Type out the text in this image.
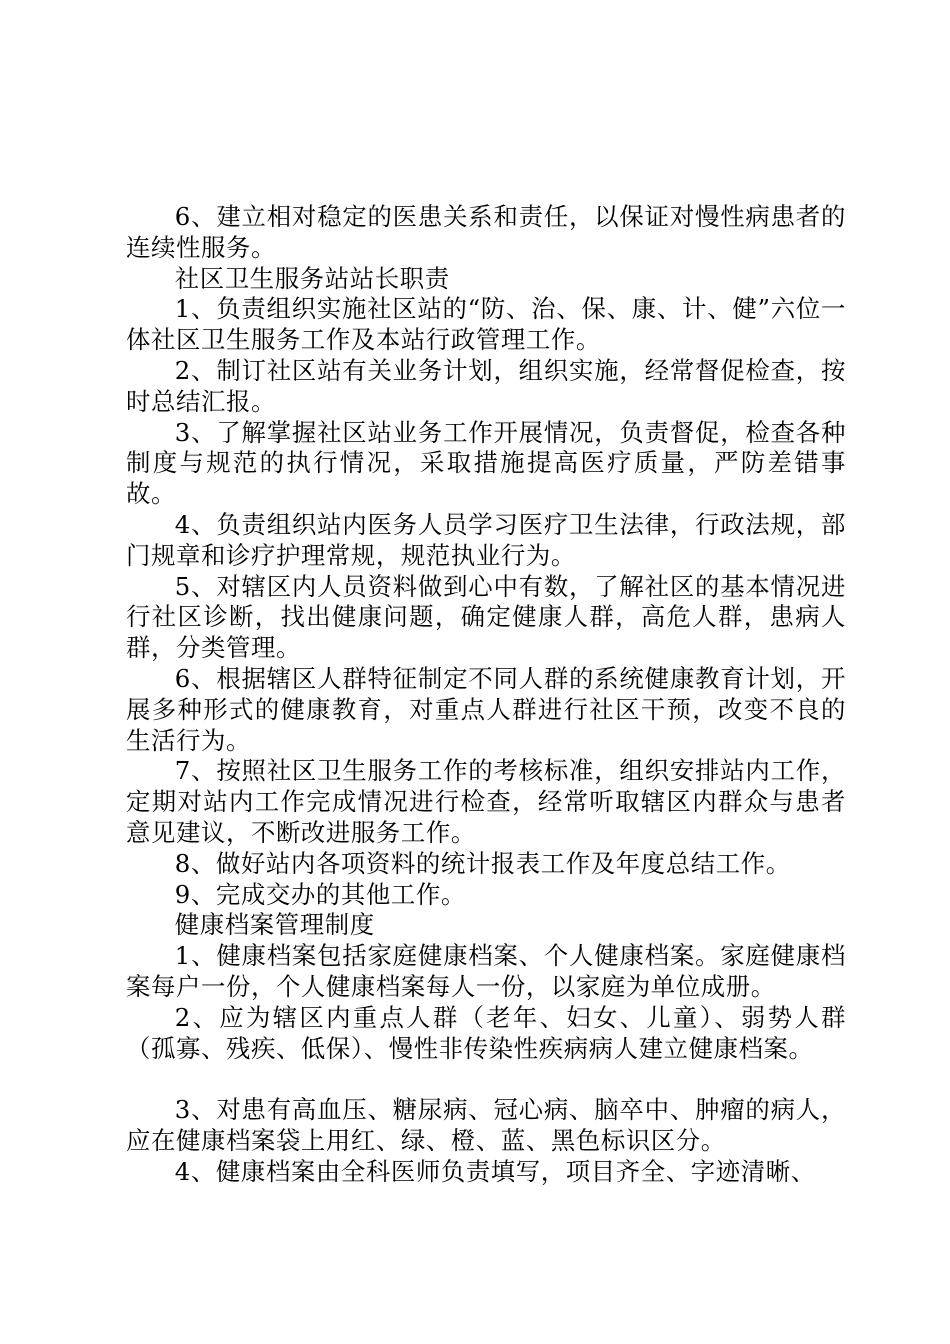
6、建立相对稳定的医患关系和责任，以保证对慢性病患者的连续性服务。

社区卫生服务站站长职责

1、负责组织实施社区站的“防、治、保、康、计、健”六位一体社区卫生服务工作及本站行政管理工作。

2、制订社区站有关业务计划，组织实施，经常督促检查，按时总结汇报。

3、了解掌握社区站业务工作开展情况，负责督促，检查各种制度与规范的执行情况，采取措施提高医疗质量，严防差错事故。

4、负责组织站内医务人员学习医疗卫生法律，行政法规，部门规章和诊疗护理常规，规范执业行为。

5、对辖区内人员资料做到心中有数，了解社区的基本情况进行社区诊断，找出健康问题，确定健康人群，高危人群，患病人群，分类管理。

6、根据辖区人群特征制定不同人群的系统健康教育计划，开展多种形式的健康教育，对重点人群进行社区干预，改变不良的生活行为。

7、按照社区卫生服务工作的考核标准，组织安排站内工作，定期对站内工作完成情况进行检查，经常听取辖区内群众与患者意见建议，不断改进服务工作。

8、做好站内各项资料的统计报表工作及年度总结工作。

9、完成交办的其他工作。

健康档案管理制度

1、健康档案包括家庭健康档案、个人健康档案。家庭健康档案每户一份，个人健康档案每人一份，以家庭为单位成册。

2、应为辖区内重点人群（老年、妇女、儿童）、弱势人群（孤寡、残疾、低保）、慢性非传染性疾病病人建立健康档案。

3、对患有高血压、糖尿病、冠心病、脑卒中、肿瘤的病人，应在健康档案袋上用红、绿、橙、蓝、黑色标识区分。

4、健康档案由全科医师负责填写，项目齐全、字迹清晰、
